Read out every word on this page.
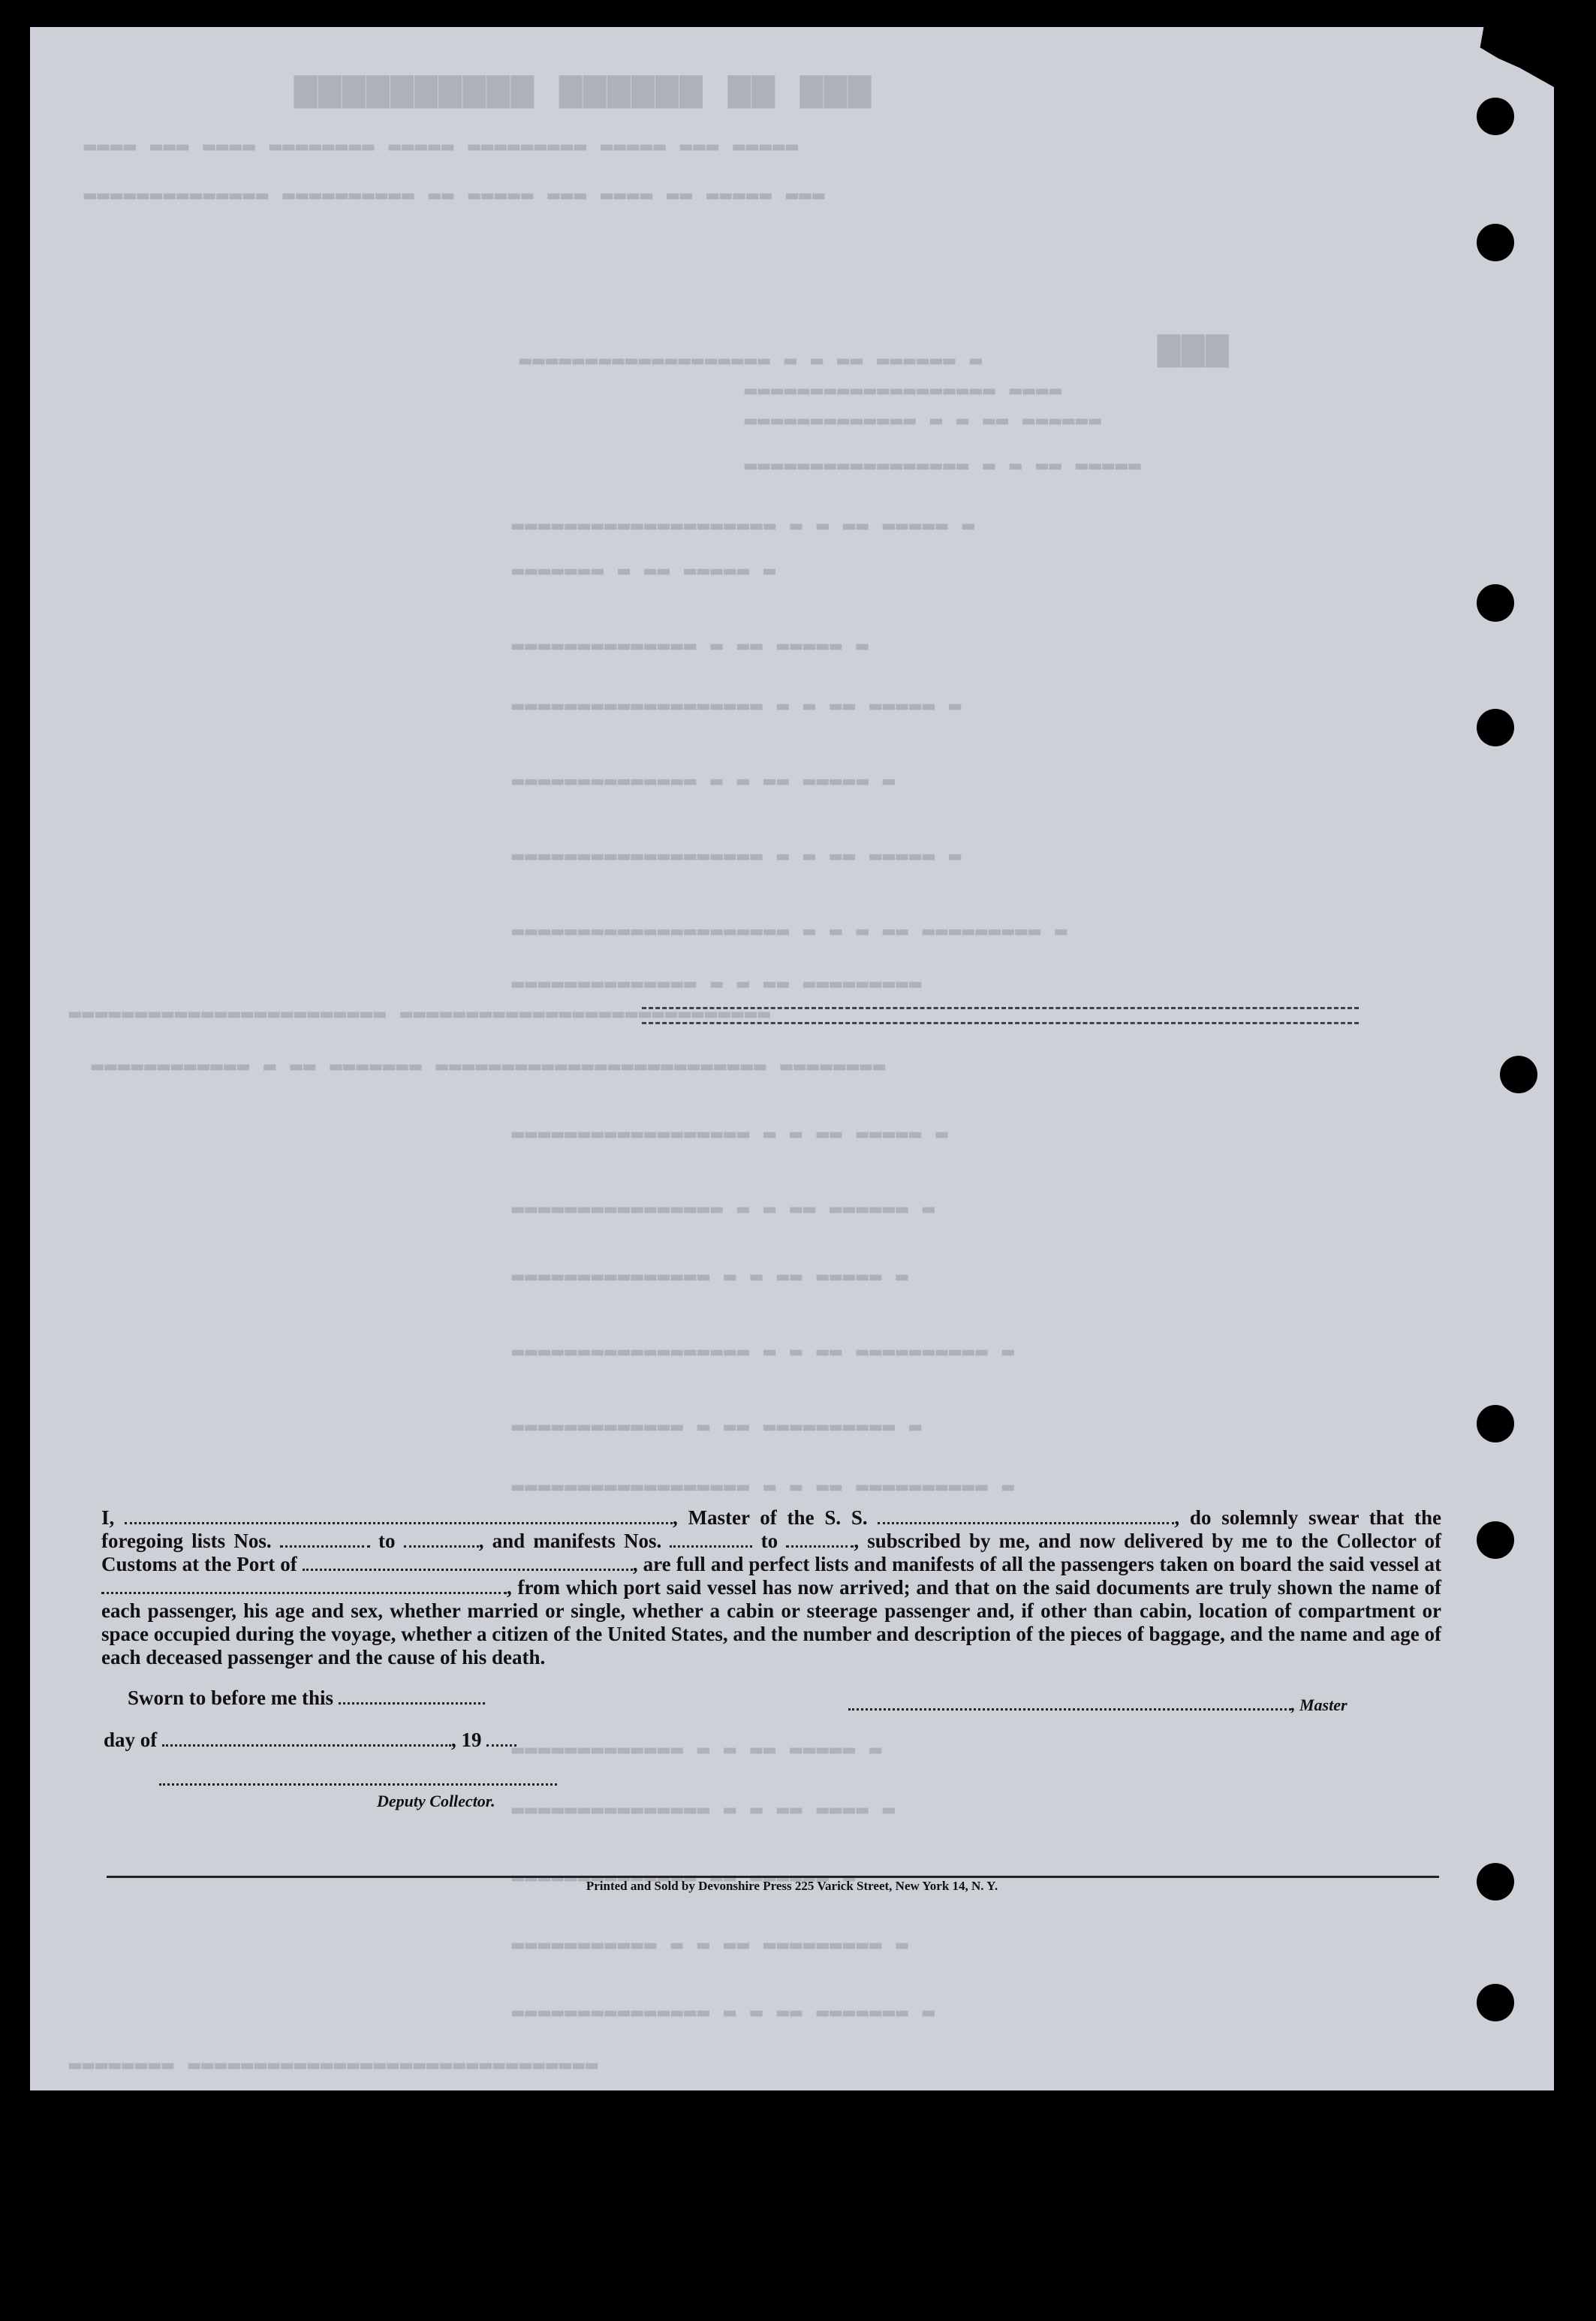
▆▆▆ ▆▆ ▆▆▆▆▆▆ ▆▆▆▆▆▆▆▆▆▆
▂▂▂▂▂ ▂▂▂ ▂▂▂▂▂ ▂▂▂▂▂▂▂▂▂ ▂▂▂▂▂ ▂▂▂▂▂▂▂▂ ▂▂▂▂ ▂▂▂ ▂▂▂▂
▂▂▂ ▂▂▂▂▂ ▂▂ ▂▂▂▂ ▂▂▂ ▂▂▂▂▂ ▂▂ ▂▂▂▂▂▂▂▂▂▂ ▂▂▂▂▂▂▂▂▂▂▂▂▂▂
▆▆▆
▂ ▂▂▂▂▂▂ ▂▂ ▂ ▂ ▂▂▂▂▂▂▂▂▂▂▂▂▂▂▂▂▂▂▂
▂▂▂▂ ▂▂▂▂▂▂▂▂▂▂▂▂▂▂▂▂▂▂▂
▂▂▂▂▂▂ ▂▂ ▂ ▂ ▂▂▂▂▂▂▂▂▂▂▂▂▂
▂▂▂▂▂ ▂▂ ▂ ▂ ▂▂▂▂▂▂▂▂▂▂▂▂▂▂▂▂▂
▂ ▂▂▂▂▂ ▂▂ ▂ ▂ ▂▂▂▂▂▂▂▂▂▂▂▂▂▂▂▂▂▂▂▂
▂ ▂▂▂▂▂ ▂▂ ▂ ▂▂▂▂▂▂▂
▂ ▂▂▂▂▂ ▂▂ ▂ ▂▂▂▂▂▂▂▂▂▂▂▂▂▂
▂ ▂▂▂▂▂ ▂▂ ▂ ▂ ▂▂▂▂▂▂▂▂▂▂▂▂▂▂▂▂▂▂▂
▂ ▂▂▂▂▂ ▂▂ ▂ ▂ ▂▂▂▂▂▂▂▂▂▂▂▂▂▂
▂ ▂▂▂▂▂ ▂▂ ▂ ▂ ▂▂▂▂▂▂▂▂▂▂▂▂▂▂▂▂▂▂▂
▂ ▂▂▂▂▂▂▂▂▂ ▂▂ ▂ ▂ ▂ ▂▂▂▂▂▂▂▂▂▂▂▂▂▂▂▂▂▂▂▂▂
▂▂▂▂▂▂▂▂▂ ▂▂ ▂ ▂ ▂▂▂▂▂▂▂▂▂▂▂▂▂▂
▂▂▂▂▂▂▂▂▂▂▂▂▂▂▂▂▂▂▂▂▂▂▂▂▂▂▂▂ ▂▂▂▂▂▂▂▂▂▂▂▂▂▂▂▂▂▂▂▂▂▂▂▂
▂▂▂▂▂▂▂▂ ▂▂▂▂▂▂▂▂▂▂▂▂▂▂▂▂▂▂▂▂▂▂▂▂▂ ▂▂▂▂▂▂▂ ▂▂ ▂ ▂▂▂▂▂▂▂▂▂▂▂▂
▂ ▂▂▂▂▂ ▂▂ ▂ ▂ ▂▂▂▂▂▂▂▂▂▂▂▂▂▂▂▂▂▂
▂ ▂▂▂▂▂▂ ▂▂ ▂ ▂ ▂▂▂▂▂▂▂▂▂▂▂▂▂▂▂▂
▂ ▂▂▂▂▂ ▂▂ ▂ ▂ ▂▂▂▂▂▂▂▂▂▂▂▂▂▂▂
▂ ▂▂▂▂▂▂▂▂▂▂ ▂▂ ▂ ▂ ▂▂▂▂▂▂▂▂▂▂▂▂▂▂▂▂▂▂
▂ ▂▂▂▂▂▂▂▂▂▂ ▂▂ ▂ ▂▂▂▂▂▂▂▂▂▂▂▂▂
▂ ▂▂▂▂▂▂▂▂▂▂ ▂▂ ▂ ▂ ▂▂▂▂▂▂▂▂▂▂▂▂▂▂▂▂▂▂
▂ ▂▂▂▂▂ ▂▂ ▂ ▂ ▂▂▂▂▂▂▂▂▂▂▂▂▂
▂ ▂▂▂▂ ▂▂ ▂ ▂ ▂▂▂▂▂▂▂▂▂▂▂▂▂▂▂
▂ ▂▂▂▂▂▂ ▂▂ ▂▂▂▂▂▂▂▂▂▂▂▂▂▂
▂ ▂▂▂▂▂▂▂▂▂ ▂▂ ▂ ▂ ▂▂▂▂▂▂▂▂▂▂▂
▂ ▂▂▂▂▂▂▂ ▂▂ ▂ ▂ ▂▂▂▂▂▂▂▂▂▂▂▂▂▂▂
▂▂▂▂▂▂▂▂▂▂▂▂▂▂▂▂▂▂▂▂▂▂▂▂▂▂▂▂▂▂▂ ▂▂▂▂▂▂▂▂
I,	, Master of the S. S.	, do solemnly swear that the foregoing lists Nos.	to	, and manifests Nos.	to	, subscribed by me, and now delivered by me to the Collector of Customs at the Port of	, are full and perfect lists and manifests of all the passengers taken on board the said vessel at , from which port said vessel has now arrived; and that on the said documents are truly shown the name of each passenger, his age and sex, whether married or single, whether a cabin or steerage passenger and, if other than cabin, location of compartment or space occupied during the voyage, whether a citizen of the United States, and the number and description of the pieces of baggage, and the name and age of each deceased passenger and the cause of his death.
Sworn to before me this	, Master
day of	, 19
Deputy Collector.
Printed and Sold by Devonshire Press 225 Varick Street, New York 14, N. Y.
